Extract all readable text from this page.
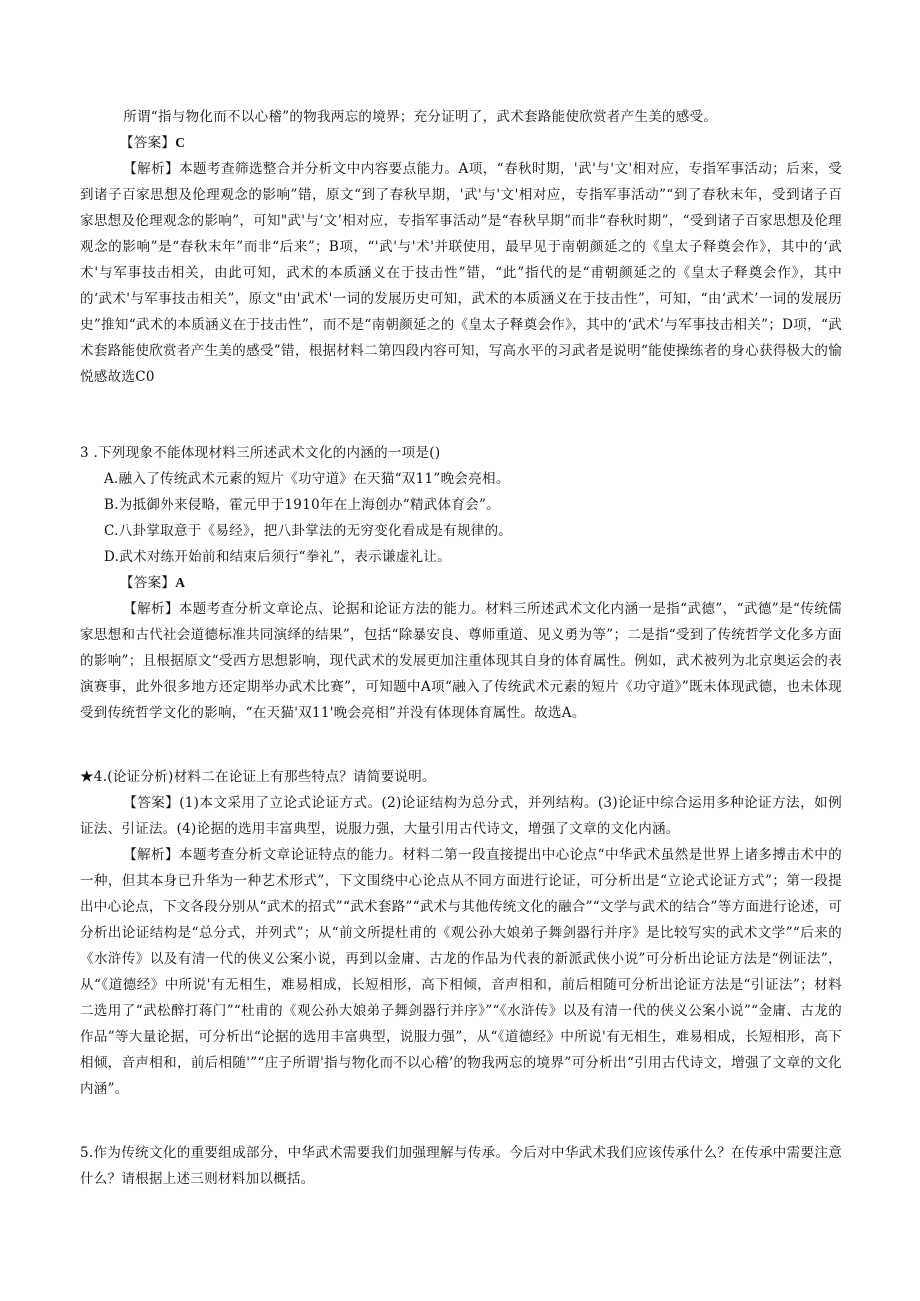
所谓“指与物化而不以心稽”的物我两忘的境界；充分证明了，武术套路能使欣赏者产生美的感受。

【答案】C

【解析】本题考查筛选整合并分析文中内容要点能力。A项，“春秋时期，'武'与'文'相对应，专指军事活动；后来，受到诸子百家思想及伦理观念的影响”错，原文“到了春秋早期，'武'与'文'相对应，专指军事活动”“到了春秋末年，受到诸子百家思想及伦理观念的影响”，可知"武'与‘文’相对应，专指军事活动”是“春秋早期”而非“春秋时期”，“受到诸子百家思想及伦理观念的影响”是“春秋末年”而非“后来”；B项，“'武'与'术'并联使用，最早见于南朝颜延之的《皇太子释奠会作》，其中的‘武术'与军事技击相关，由此可知，武术的本质涵义在于技击性”错，“此”指代的是“甫朝颜延之的《皇太子释奠会作》，其中的‘武术'与军事技击相关”，原文"由'武术'一词的发展历史可知，武术的本质涵义在于技击性”，可知，“由‘武术’一词的发展历史”推知“武术的本质涵义在于技击性”，而不是“南朝颜延之的《皇太子释奠会作》，其中的‘武术’与军事技击相关”；D项，“武术套路能使欣赏者产生美的感受”错，根据材料二第四段内容可知，写高水平的习武者是说明“能使操练者的身心获得极大的愉悦感故选C0

3 .下列现象不能体现材料三所述武术文化的内涵的一项是()

A.融入了传统武术元素的短片《功守道》在天猫“双11”晚会亮相。

B.为抵御外来侵略，霍元甲于1910年在上海创办“精武体育会”。

C.八卦掌取意于《易经》，把八卦掌法的无穷变化看成是有规律的。

D.武术对练开始前和结束后须行“拳礼”，表示谦虚礼让。

【答案】A

【解析】本题考查分析文章论点、论据和论证方法的能力。材料三所述武术文化内涵一是指“武德”，“武德”是“传统儒家思想和古代社会道德标准共同演绎的结果”，包括“除暴安良、尊师重道、见义勇为等”；二是指“受到了传统哲学文化多方面的影响”；且根据原文“受西方思想影响，现代武术的发展更加注重体现其自身的体育属性。例如，武术被列为北京奥运会的表演赛事，此外很多地方还定期举办武术比赛”，可知题中A项“融入了传统武术元素的短片《功守道》”既未体现武德，也未体现受到传统哲学文化的影响，“在天猫'双11'晚会亮相”并没有体现体育属性。故选A。

★4.(论证分析)材料二在论证上有那些特点？请简要说明。

【答案】(1)本文采用了立论式论证方式。(2)论证结构为总分式，并列结构。(3)论证中综合运用多种论证方法，如例证法、引证法。(4)论据的选用丰富典型，说服力强，大量引用古代诗文，增强了文章的文化内涵。

【解析】本题考查分析文章论证特点的能力。材料二第一段直接提出中心论点“中华武术虽然是世界上诸多搏击术中的一种，但其本身已升华为一种艺术形式”，下文围绕中心论点从不同方面进行论证，可分析出是“立论式论证方式”；第一段提出中心论点，下文各段分别从“武术的招式”“武术套路”“武术与其他传统文化的融合”“文学与武术的结合”等方面进行论述，可分析出论证结构是“总分式，并列式”；从“前文所提杜甫的《观公孙大娘弟子舞剑器行并序》是比较写实的武术文学”“后来的《水浒传》以及有清一代的侠义公案小说，再到以金庸、古龙的作品为代表的新派武侠小说”可分析出论证方法是“例证法”，从“《道德经》中所说'有无相生，难易相成，长短相形，高下相倾，音声相和，前后相随可分析出论证方法是“引证法”；材料二选用了“武松醉打蒋门”“杜甫的《观公孙大娘弟子舞剑器行并序》”“《水浒传》以及有清一代的侠义公案小说”“金庸、古龙的作品”等大量论据，可分析出“论据的选用丰富典型，说服力强”，从“《道德经》中所说'有无相生，难易相成，长短相形，高下相倾，音声相和，前后相随'”“庄子所谓'指与物化而不以心稽’的物我两忘的境界”可分析出“引用古代诗文，增强了文章的文化内涵”。

5.作为传统文化的重要组成部分，中华武术需要我们加强理解与传承。今后对中华武术我们应该传承什么？在传承中需要注意什么？请根据上述三则材料加以概括。
